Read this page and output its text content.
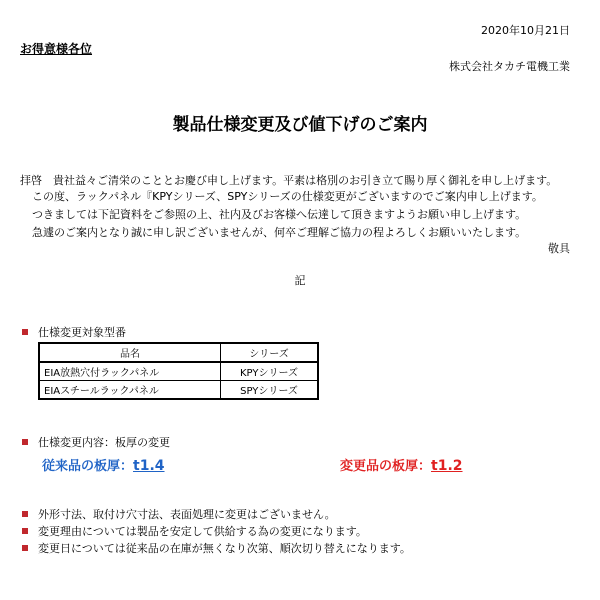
2020年10月21日
お得意様各位
株式会社タカチ電機工業
製品仕様変更及び値下げのご案内
拝啓　貴社益々ご清栄のこととお慶び申し上げます。平素は格別のお引き立て賜り厚く御礼を申し上げます。
この度、ラックパネル『KPYシリーズ、SPYシリーズの仕様変更がございますのでご案内申し上げます。
つきましては下記資料をご参照の上、社内及びお客様へ伝達して頂きますようお願い申し上げます。
急遽のご案内となり誠に申し訳ございませんが、何卒ご理解ご協力の程よろしくお願いいたします。
敬具
記
仕様変更対象型番
品名	シリーズ
EIA放熱穴付ラックパネル	KPYシリーズ
EIAスチールラックパネル	SPYシリーズ
仕様変更内容：板厚の変更
従来品の板厚：t1.4	変更品の板厚：t1.2
外形寸法、取付け穴寸法、表面処理に変更はございません。
変更理由については製品を安定して供給する為の変更になります。
変更日については従来品の在庫が無くなり次第、順次切り替えになります。
